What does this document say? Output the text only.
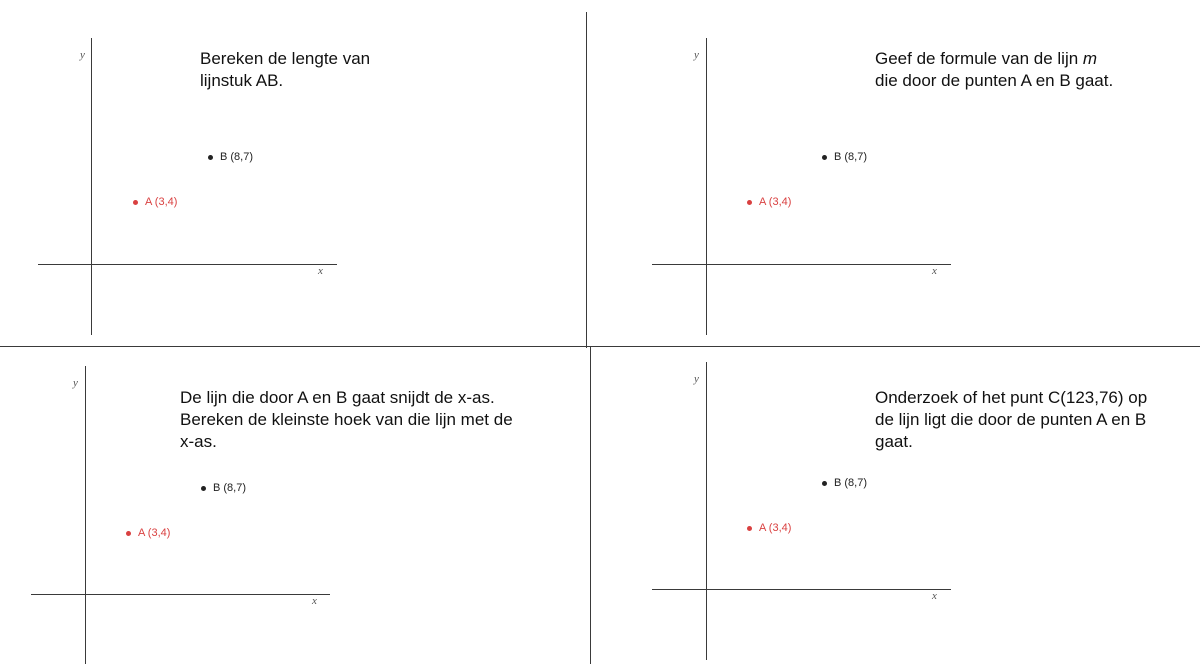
y
x
B (8,7)
A (3,4)
Bereken de lengte van
lijnstuk AB.
y
x
B (8,7)
A (3,4)
Geef de formule van de lijn m
die door de punten A en B gaat.
y
x
B (8,7)
A (3,4)
De lijn die door A en B gaat snijdt de x-as.
Bereken de kleinste hoek van die lijn met de
x-as.
y
x
B (8,7)
A (3,4)
Onderzoek of het punt C(123,76) op
de lijn ligt die door de punten A en B
gaat.
